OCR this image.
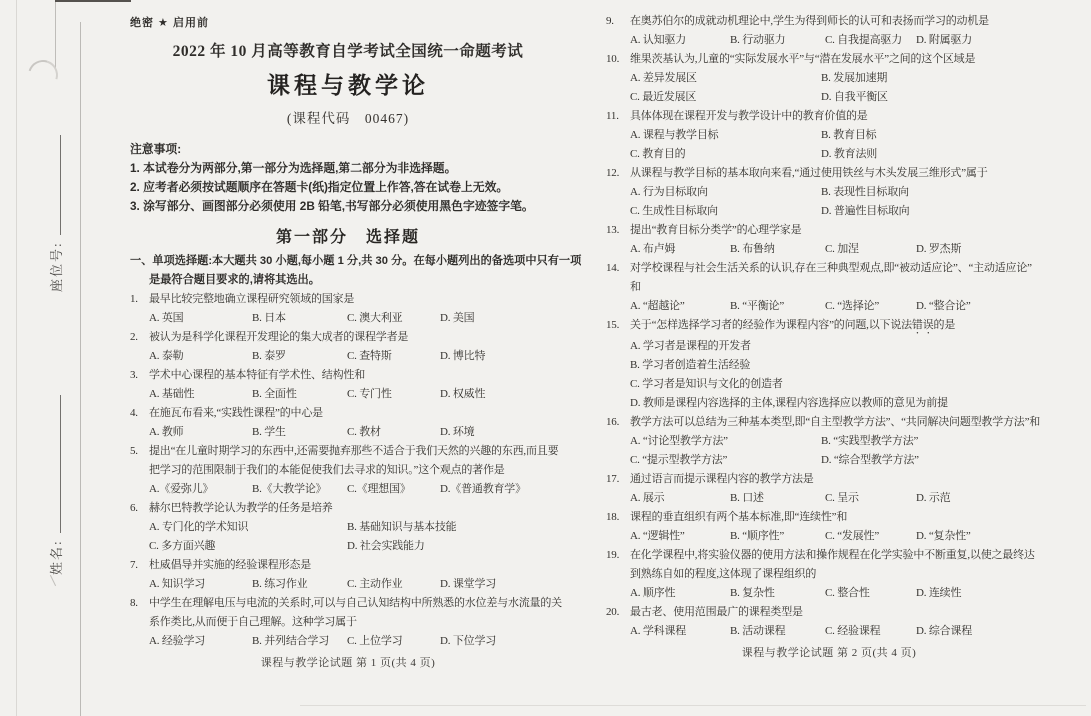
座位号:
姓名:
绝密 ★ 启用前
2022 年 10 月高等教育自学考试全国统一命题考试
课程与教学论
(课程代码　00467)
注意事项:
1. 本试卷分为两部分,第一部分为选择题,第二部分为非选择题。
2. 应考者必须按试题顺序在答题卡(纸)指定位置上作答,答在试卷上无效。
3. 涂写部分、画图部分必须使用 2B 铅笔,书写部分必须使用黑色字迹签字笔。
第一部分　选择题
一、单项选择题:本大题共 30 小题,每小题 1 分,共 30 分。在每小题列出的备选项中只有一项
是最符合题目要求的,请将其选出。
1.	最早比较完整地确立课程研究领域的国家是
A. 英国	B. 日本	C. 澳大利亚	D. 美国
2.	被认为是科学化课程开发理论的集大成者的课程学者是
A. 泰勒	B. 泰罗	C. 查特斯	D. 博比特
3.	学术中心课程的基本特征有学术性、结构性和
A. 基础性	B. 全面性	C. 专门性	D. 权威性
4.	在施瓦布看来,“实践性课程”的中心是
A. 教师	B. 学生	C. 教材	D. 环境
5.	提出“在儿童时期学习的东西中,还需要抛弃那些不适合于我们天然的兴趣的东西,而且要
把学习的范围限制于我们的本能促使我们去寻求的知识。”这个观点的著作是
A.《爱弥儿》	B.《大教学论》	C.《理想国》	D.《普通教育学》
6.	赫尔巴特教学论认为教学的任务是培养
A. 专门化的学术知识	B. 基础知识与基本技能
C. 多方面兴趣	D. 社会实践能力
7.	杜威倡导并实施的经验课程形态是
A. 知识学习	B. 练习作业	C. 主动作业	D. 课堂学习
8.	中学生在理解电压与电流的关系时,可以与自己认知结构中所熟悉的水位差与水流量的关
系作类比,从而便于自己理解。这种学习属于
A. 经验学习	B. 并列结合学习	C. 上位学习	D. 下位学习
课程与教学论试题 第 1 页(共 4 页)
9.	在奥苏伯尔的成就动机理论中,学生为得到师长的认可和表扬而学习的动机是
A. 认知驱力	B. 行动驱力	C. 自我提高驱力	D. 附属驱力
10. 维果茨基认为,儿童的“实际发展水平”与“潜在发展水平”之间的这个区域是
A. 差异发展区	B. 发展加速期
C. 最近发展区	D. 自我平衡区
11.	具体体现在课程开发与教学设计中的教育价值的是
A. 课程与教学目标	B. 教育目标
C. 教育目的	D. 教育法则
12. 从课程与教学目标的基本取向来看,“通过使用铁丝与木头发展三维形式”属于
A. 行为目标取向	B. 表现性目标取向
C. 生成性目标取向	D. 普遍性目标取向
13. 提出“教育目标分类学”的心理学家是
A. 布卢姆	B. 布鲁纳	C. 加涅	D. 罗杰斯
14. 对学校课程与社会生活关系的认识,存在三种典型观点,即“被动适应论”、“主动适应论”
和
A. “超越论”	B. “平衡论”	C. “选择论”	D. “整合论”
15. 关于“怎样选择学习者的经验作为课程内容”的问题,以下说法错误的是
A. 学习者是课程的开发者
B. 学习者创造着生活经验
C. 学习者是知识与文化的创造者
D. 教师是课程内容选择的主体,课程内容选择应以教师的意见为前提
16. 教学方法可以总结为三种基本类型,即“自主型教学方法”、“共同解决问题型教学方法”和
A. “讨论型教学方法”	B. “实践型教学方法”
C. “提示型教学方法”	D. “综合型教学方法”
17. 通过语言而提示课程内容的教学方法是
A. 展示	B. 口述	C. 呈示	D. 示范
18. 课程的垂直组织有两个基本标准,即“连续性”和
A. “逻辑性”	B. “顺序性”	C. “发展性”	D. “复杂性”
19. 在化学课程中,将实验仪器的使用方法和操作规程在化学实验中不断重复,以使之最终达
到熟练自如的程度,这体现了课程组织的
A. 顺序性	B. 复杂性	C. 整合性	D. 连续性
20. 最古老、使用范围最广的课程类型是
A. 学科课程	B. 活动课程	C. 经验课程	D. 综合课程
课程与教学论试题 第 2 页(共 4 页)
